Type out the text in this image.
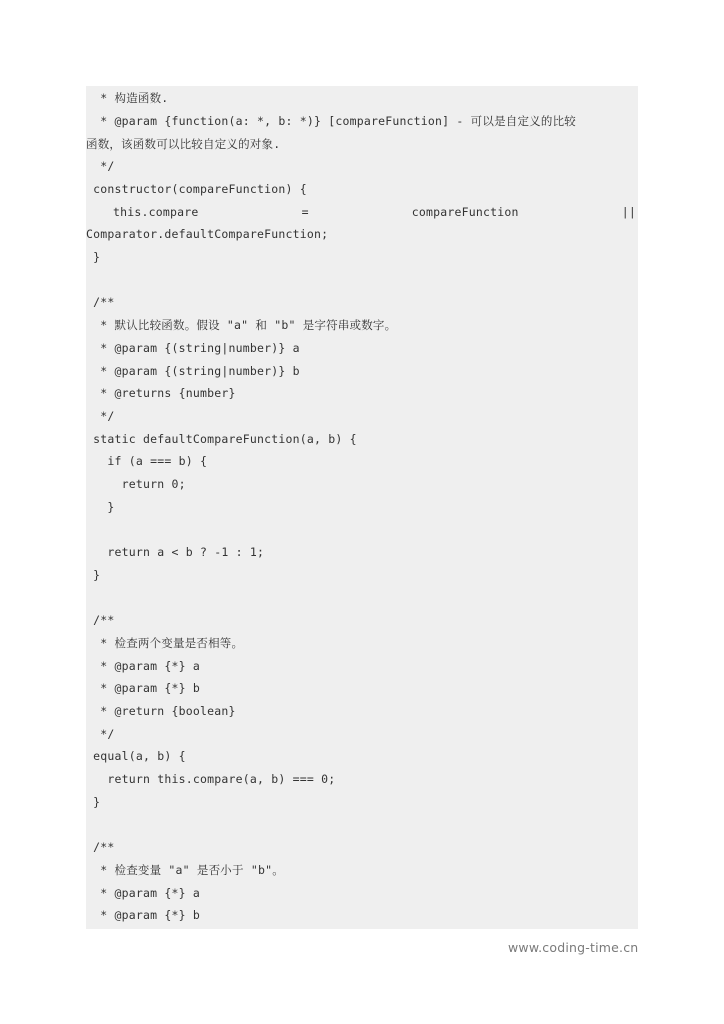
* 构造函数.
* @param {function(a: *, b: *)} [compareFunction] - 可以是自定义的比较
函数，该函数可以比较自定义的对象.
*/
constructor(compareFunction) {
this.compare	=	compareFunction	||
Comparator.defaultCompareFunction;
}
/**
* 默认比较函数。假设 "a" 和 "b" 是字符串或数字。
* @param {(string|number)} a
* @param {(string|number)} b
* @returns {number}
*/
static defaultCompareFunction(a, b) {
if (a === b) {
return 0;
}
return a < b ? -1 : 1;
}
/**
* 检查两个变量是否相等。
* @param {*} a
* @param {*} b
* @return {boolean}
*/
equal(a, b) {
return this.compare(a, b) === 0;
}
/**
* 检查变量 "a" 是否小于 "b"。
* @param {*} a
* @param {*} b
www.coding-time.cn
